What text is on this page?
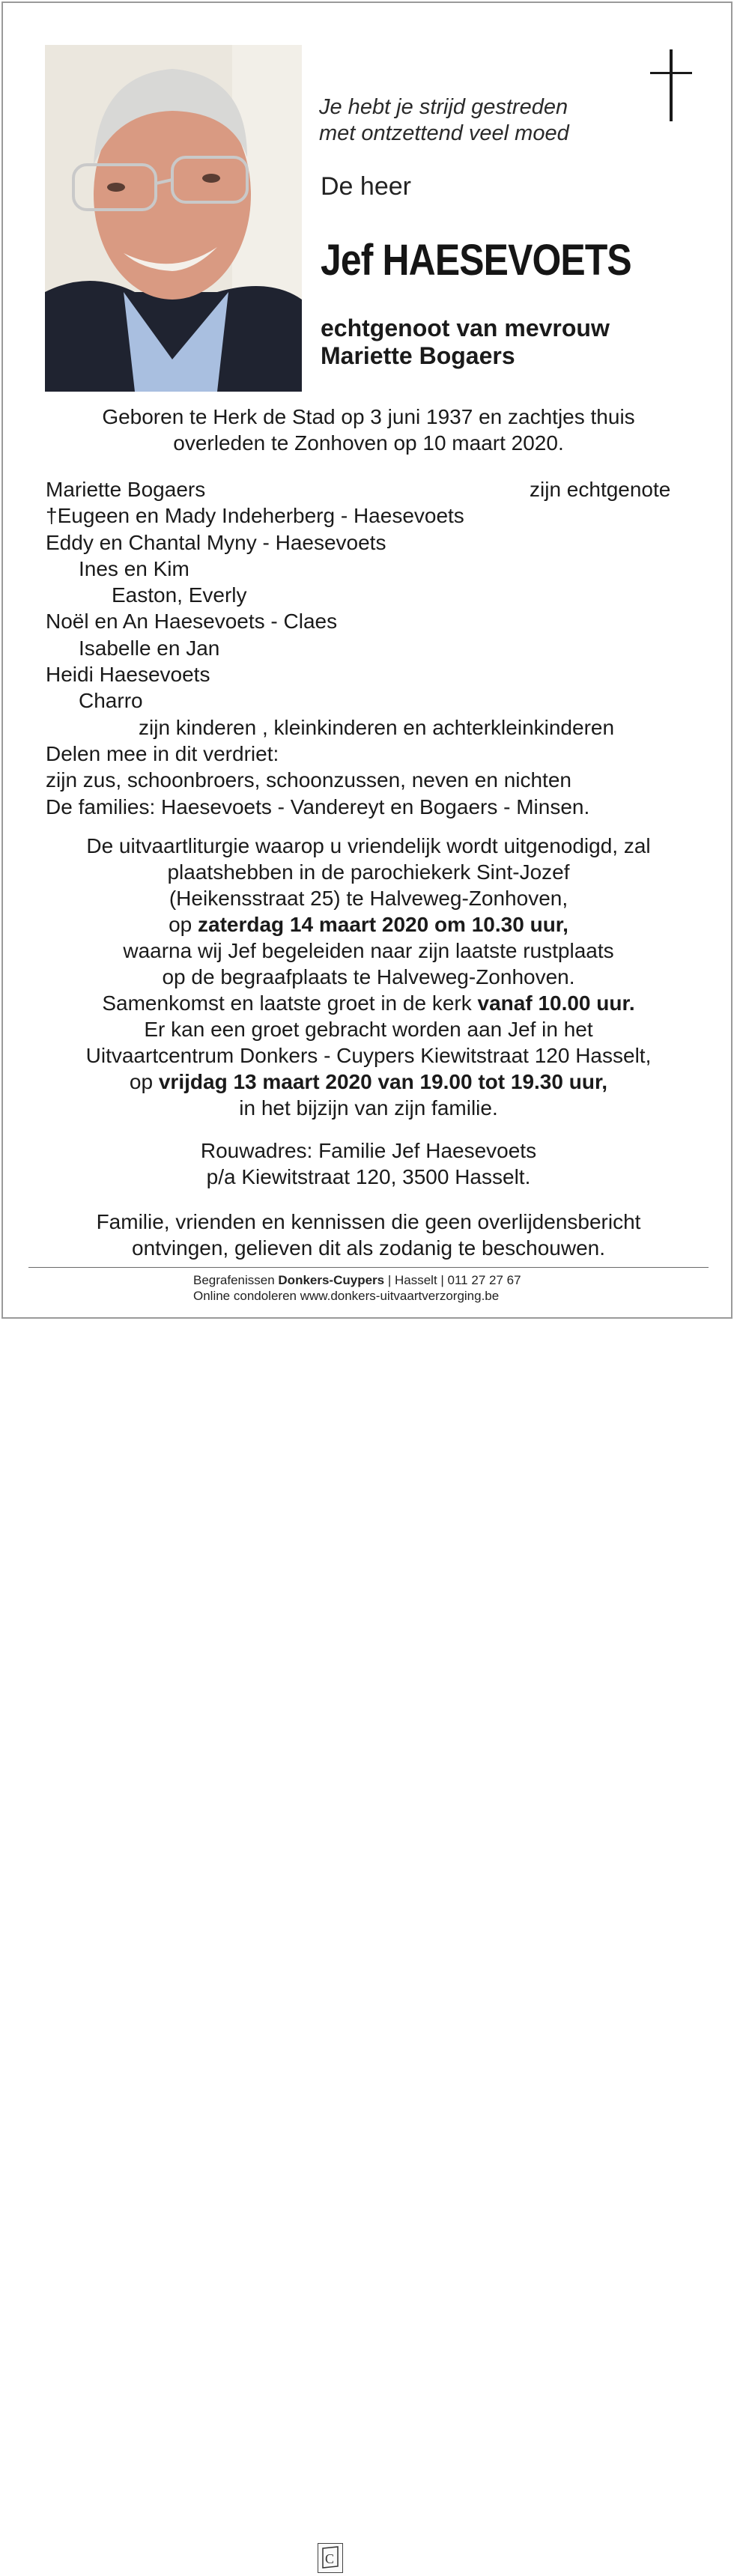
Je hebt je strijd gestreden
met ontzettend veel moed
De heer
Jef HAESEVOETS
echtgenoot van mevrouw
Mariette Bogaers
Geboren te Herk de Stad op 3 juni 1937 en zachtjes thuis
overleden te Zonhoven op 10 maart 2020.
Mariette Bogaers	zijn echtgenote
†Eugeen en Mady Indeherberg - Haesevoets
Eddy en Chantal Myny - Haesevoets
Ines en Kim
Easton, Everly
Noël en An Haesevoets - Claes
Isabelle en Jan
Heidi Haesevoets
Charro
zijn kinderen , kleinkinderen en achterkleinkinderen
Delen mee in dit verdriet:
zijn zus, schoonbroers, schoonzussen, neven en nichten
De families: Haesevoets - Vandereyt en Bogaers - Minsen.
De uitvaartliturgie waarop u vriendelijk wordt uitgenodigd, zal
plaatshebben in de parochiekerk Sint-Jozef
(Heikensstraat 25) te Halveweg-Zonhoven,
op zaterdag 14 maart 2020 om 10.30 uur,
waarna wij Jef begeleiden naar zijn laatste rustplaats
op de begraafplaats te Halveweg-Zonhoven.
Samenkomst en laatste groet in de kerk vanaf 10.00 uur.
Er kan een groet gebracht worden aan Jef in het
Uitvaartcentrum Donkers - Cuypers Kiewitstraat 120 Hasselt,
op vrijdag 13 maart 2020 van 19.00 tot 19.30 uur,
in het bijzijn van zijn familie.
Rouwadres: Familie Jef Haesevoets
p/a Kiewitstraat 120, 3500 Hasselt.
Familie, vrienden en kennissen die geen overlijdensbericht
ontvingen, gelieven dit als zodanig te beschouwen.
C
Begrafenissen Donkers-Cuypers | Hasselt | 011 27 27 67
Online condoleren www.donkers-uitvaartverzorging.be
